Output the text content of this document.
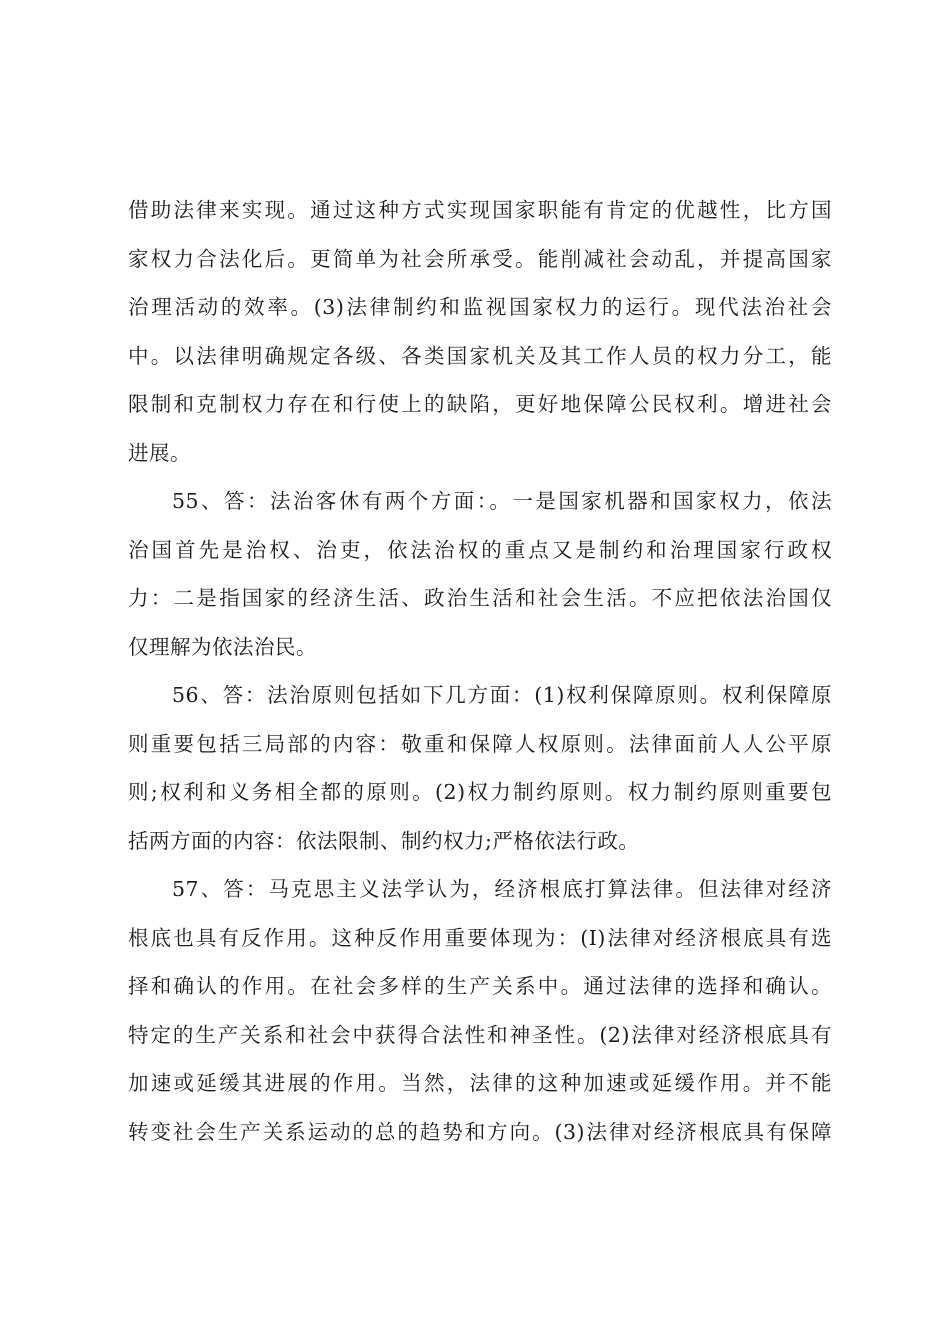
借助法律来实现。通过这种方式实现国家职能有肯定的优越性，比方国
家权力合法化后。更简单为社会所承受。能削减社会动乱，并提高国家
治理活动的效率。(3)法律制约和监视国家权力的运行。现代法治社会
中。以法律明确规定各级、各类国家机关及其工作人员的权力分工，能
限制和克制权力存在和行使上的缺陷，更好地保障公民权利。增进社会
进展。
55、答：法治客休有两个方面：。一是国家机器和国家权力，依法
治国首先是治权、治吏，依法治权的重点又是制约和治理国家行政权
力：二是指国家的经济生活、政治生活和社会生活。不应把依法治国仅
仅理解为依法治民。
56、答：法治原则包括如下几方面：(1)权利保障原则。权利保障原
则重要包括三局部的内容：敬重和保障人权原则。法律面前人人公平原
则;权利和义务相全都的原则。(2)权力制约原则。权力制约原则重要包
括两方面的内容：依法限制、制约权力;严格依法行政。
57、答：马克思主义法学认为，经济根底打算法律。但法律对经济
根底也具有反作用。这种反作用重要体现为：(I)法律对经济根底具有选
择和确认的作用。在社会多样的生产关系中。通过法律的选择和确认。
特定的生产关系和社会中获得合法性和神圣性。(2)法律对经济根底具有
加速或延缓其进展的作用。当然，法律的这种加速或延缓作用。并不能
转变社会生产关系运动的总的趋势和方向。(3)法律对经济根底具有保障
